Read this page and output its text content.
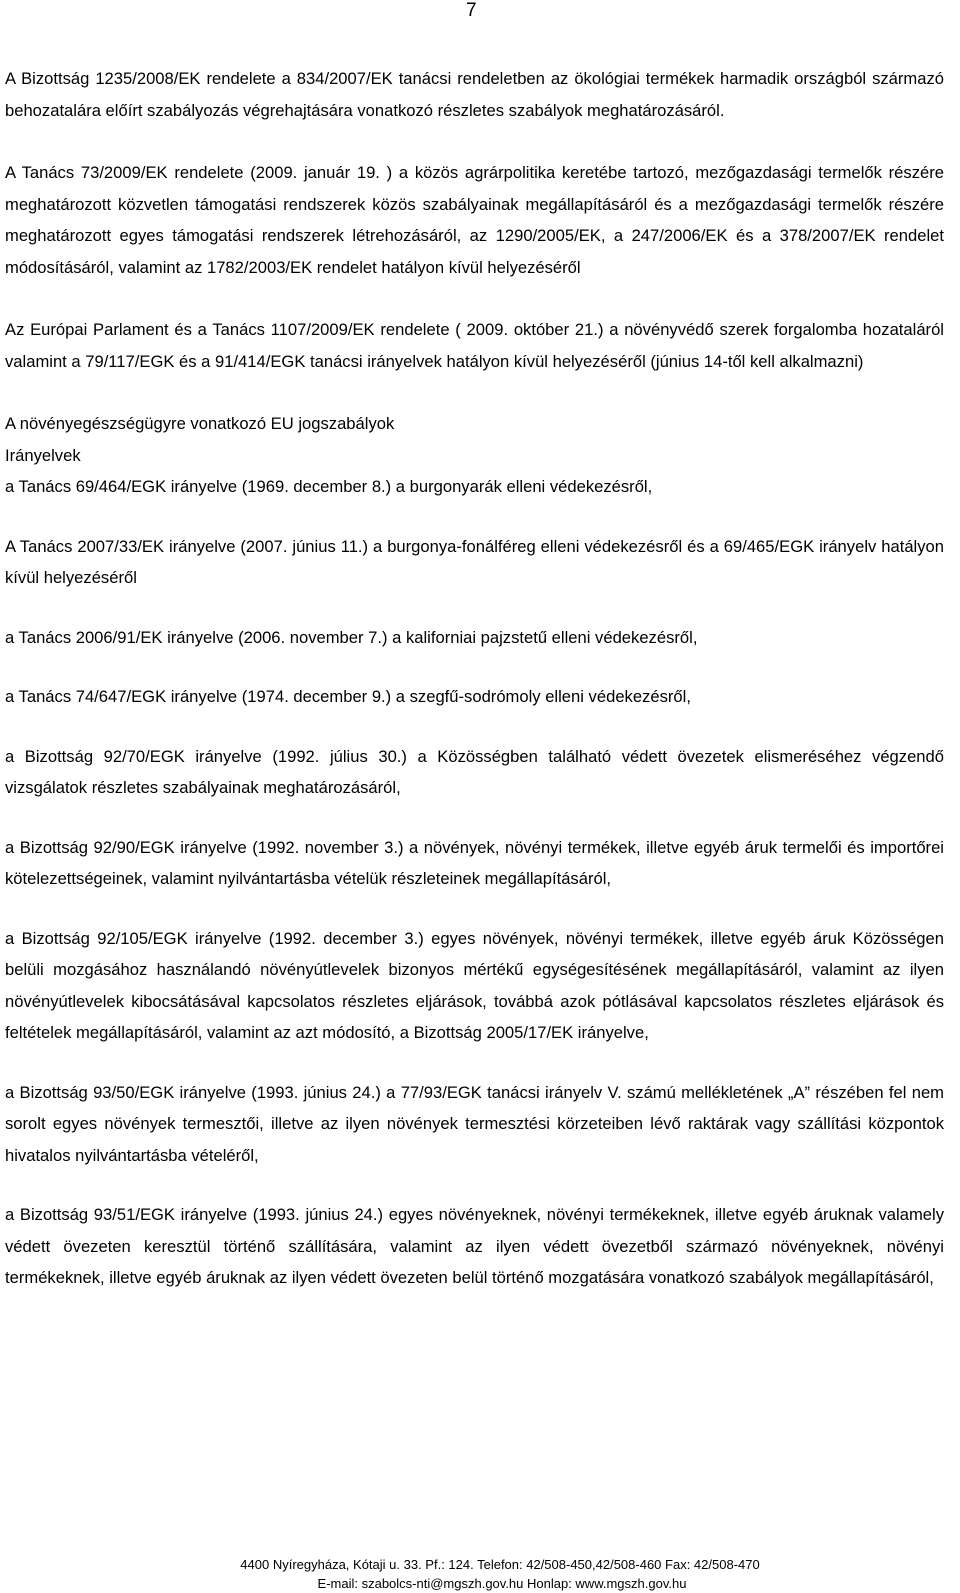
7

A Bizottság 1235/2008/EK rendelete a 834/2007/EK tanácsi rendeletben az ökológiai termékek harmadik országból származó behozatalára előírt szabályozás végrehajtására vonatkozó részletes szabályok meghatározásáról.

A Tanács 73/2009/EK rendelete (2009. január 19. ) a közös agrárpolitika keretébe tartozó, mezőgazdasági termelők részére meghatározott közvetlen támogatási rendszerek közös szabályainak megállapításáról és a mezőgazdasági termelők részére meghatározott egyes támogatási rendszerek létrehozásáról, az 1290/2005/EK, a 247/2006/EK és a 378/2007/EK rendelet módosításáról, valamint az 1782/2003/EK rendelet hatályon kívül helyezéséről

Az Európai Parlament és a Tanács 1107/2009/EK rendelete ( 2009. október 21.) a növényvédő szerek forgalomba hozataláról valamint a 79/117/EGK és a 91/414/EGK tanácsi irányelvek hatályon kívül helyezéséről (június 14-től kell alkalmazni)

A növényegészségügyre vonatkozó EU jogszabályok

Irányelvek

a Tanács 69/464/EGK irányelve (1969. december 8.) a burgonyarák elleni védekezésről,

A Tanács 2007/33/EK irányelve (2007. június 11.) a burgonya-fonálféreg elleni védekezésről és a 69/465/EGK irányelv hatályon kívül helyezéséről

a Tanács 2006/91/EK irányelve (2006. november 7.) a kaliforniai pajzstetű elleni védekezésről,

a Tanács 74/647/EGK irányelve (1974. december 9.) a szegfű-sodrómoly elleni védekezésről,

a Bizottság 92/70/EGK irányelve (1992. július 30.) a Közösségben található védett övezetek elismeréséhez végzendő vizsgálatok részletes szabályainak meghatározásáról,

a Bizottság 92/90/EGK irányelve (1992. november 3.) a növények, növényi termékek, illetve egyéb áruk termelői és importőrei kötelezettségeinek, valamint nyilvántartásba vételük részleteinek megállapításáról,

a Bizottság 92/105/EGK irányelve (1992. december 3.) egyes növények, növényi termékek, illetve egyéb áruk Közösségen belüli mozgásához használandó növényútlevelek bizonyos mértékű egységesítésének megállapításáról, valamint az ilyen növényútlevelek kibocsátásával kapcsolatos részletes eljárások, továbbá azok pótlásával kapcsolatos részletes eljárások és feltételek megállapításáról, valamint az azt módosító, a Bizottság 2005/17/EK irányelve,

a Bizottság 93/50/EGK irányelve (1993. június 24.) a 77/93/EGK tanácsi irányelv V. számú mellékletének „A” részében fel nem sorolt egyes növények termesztői, illetve az ilyen növények termesztési körzeteiben lévő raktárak vagy szállítási központok hivatalos nyilvántartásba vételéről,

a Bizottság 93/51/EGK irányelve (1993. június 24.) egyes növényeknek, növényi termékeknek, illetve egyéb áruknak valamely védett övezeten keresztül történő szállítására, valamint az ilyen védett övezetből származó növényeknek, növényi termékeknek, illetve egyéb áruknak az ilyen védett övezeten belül történő mozgatására vonatkozó szabályok megállapításáról,

4400 Nyíregyháza, Kótaji u. 33. Pf.: 124. Telefon: 42/508-450,42/508-460 Fax: 42/508-470
E-mail: szabolcs-nti@mgszh.gov.hu Honlap: www.mgszh.gov.hu
